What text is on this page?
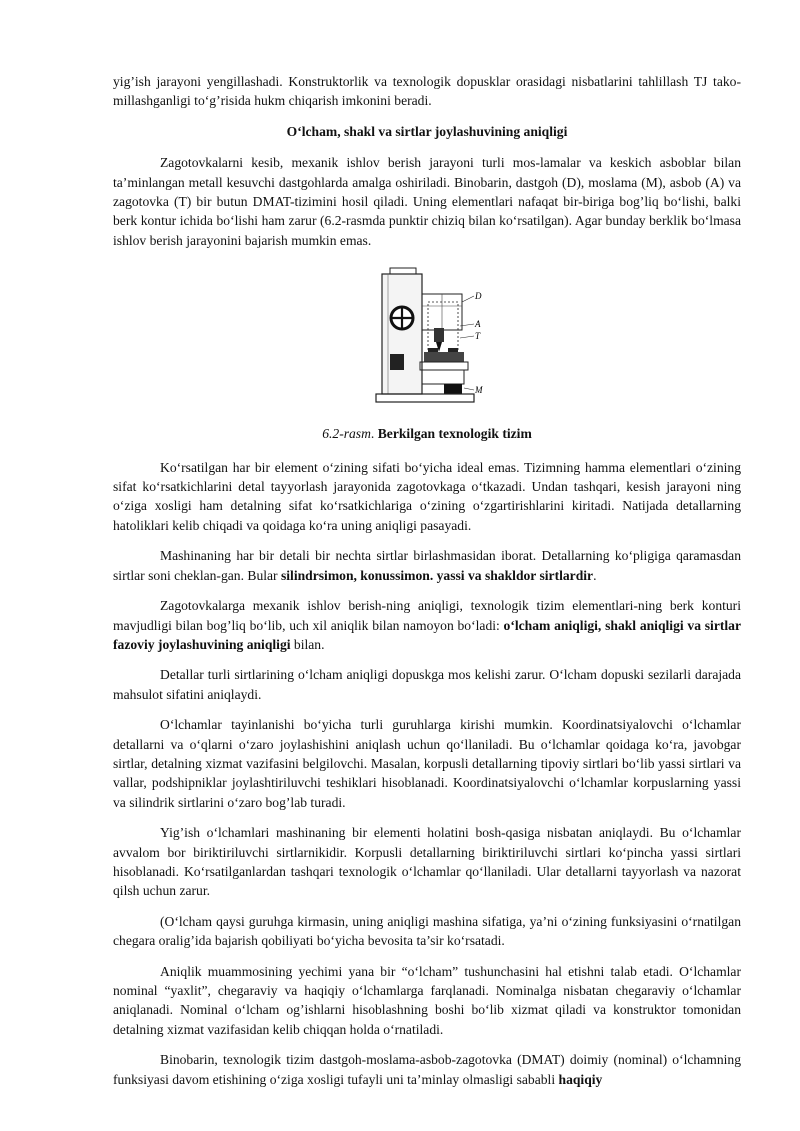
yig’ish jarayoni yengillashadi. Konstruktorlik va texnologik dopusklar orasidagi nisbatlarini tahlillash TJ tako-millashganligi to‘g’risida hukm chiqarish imkonini beradi.

O‘lcham, shakl va sirtlar joylashuvining aniqligi

Zagotovkalarni kesib, mexanik ishlov berish jarayoni turli mos-lamalar va keskich asboblar bilan ta’minlangan metall kesuvchi dastgohlarda amalga oshiriladi. Binobarin, dastgoh (D), moslama (M), asbob (A) va zagotovka (T) bir butun DMAT-tizimini hosil qiladi. Uning elementlari nafaqat bir-biriga bog’liq bo‘lishi, balki berk kontur ichida bo‘lishi ham zarur (6.2-rasmda punktir chiziq bilan ko‘rsatilgan). Agar bunday berklik bo‘lmasa ishlov berish jarayonini bajarish mumkin emas.

D
A
T
M

6.2-rasm. Berkilgan texnologik tizim

Ko‘rsatilgan har bir element o‘zining sifati bo‘yicha ideal emas. Tizimning hamma elementlari o‘zining sifat ko‘rsatkichlarini detal tayyorlash jarayonida zagotovkaga o‘tkazadi. Undan tashqari, kesish jarayoni ning o‘ziga xosligi ham detalning sifat ko‘rsatkichlariga o‘zining o‘zgartirishlarini kiritadi. Natijada detallarning hatoliklari kelib chiqadi va qoidaga ko‘ra uning aniqligi pasayadi.

Mashinaning har bir detali bir nechta sirtlar birlashmasidan iborat. Detallarning ko‘pligiga qaramasdan sirtlar soni cheklan-gan. Bular silindrsimon, konussimon. yassi va shakldor sirtlardir.

Zagotovkalarga mexanik ishlov berish-ning aniqligi, texnologik tizim elementlari-ning berk konturi mavjudligi bilan bog’liq bo‘lib, uch xil aniqlik bilan namoyon bo‘ladi: o‘lcham aniqligi, shakl aniqligi va sirtlar fazoviy joylashuvining aniqligi bilan.

Detallar turli sirtlarining o‘lcham aniqligi dopuskga mos kelishi zarur. O‘lcham dopuski sezilarli darajada mahsulot sifatini aniqlaydi.

O‘lchamlar tayinlanishi bo‘yicha turli guruhlarga kirishi mumkin. Koordinatsiyalovchi o‘lchamlar detallarni va o‘qlarni o‘zaro joylashishini aniqlash uchun qo‘llaniladi. Bu o‘lchamlar qoidaga ko‘ra, javobgar sirtlar, detalning xizmat vazifasini belgilovchi. Masalan, korpusli detallarning tipoviy sirtlari bo‘lib yassi sirtlari va vallar, podshipniklar joylashtiriluvchi teshiklari hisoblanadi. Koordinatsiyalovchi o‘lchamlar korpuslarning yassi va silindrik sirtlarini o‘zaro bog’lab turadi.

Yig’ish o‘lchamlari mashinaning bir elementi holatini bosh-qasiga nisbatan aniqlaydi. Bu o‘lchamlar avvalom bor biriktiriluvchi sirtlarnikidir. Korpusli detallarning biriktiriluvchi sirtlari ko‘pincha yassi sirtlari hisoblanadi. Ko‘rsatilganlardan tashqari texnologik o‘lchamlar qo‘llaniladi. Ular detallarni tayyorlash va nazorat qilsh uchun zarur.

(O‘lcham qaysi guruhga kirmasin, uning aniqligi mashina sifatiga, ya’ni o‘zining funksiyasini o‘rnatilgan chegara oralig’ida bajarish qobiliyati bo‘yicha bevosita ta’sir ko‘rsatadi.

Aniqlik muammosining yechimi yana bir “o‘lcham” tushunchasini hal etishni talab etadi. O‘lchamlar nominal “yaxlit”, chegaraviy va haqiqiy o‘lchamlarga farqlanadi. Nominalga nisbatan chegaraviy o‘lchamlar aniqlanadi. Nominal o‘lcham og’ishlarni hisoblashning boshi bo‘lib xizmat qiladi va konstruktor tomonidan detalning xizmat vazifasidan kelib chiqqan holda o‘rnatiladi.

Binobarin, texnologik tizim dastgoh-moslama-asbob-zagotovka (DMAT) doimiy (nominal) o‘lchamning funksiyasi davom etishining o‘ziga xosligi tufayli uni ta’minlay olmasligi sababli haqiqiy
